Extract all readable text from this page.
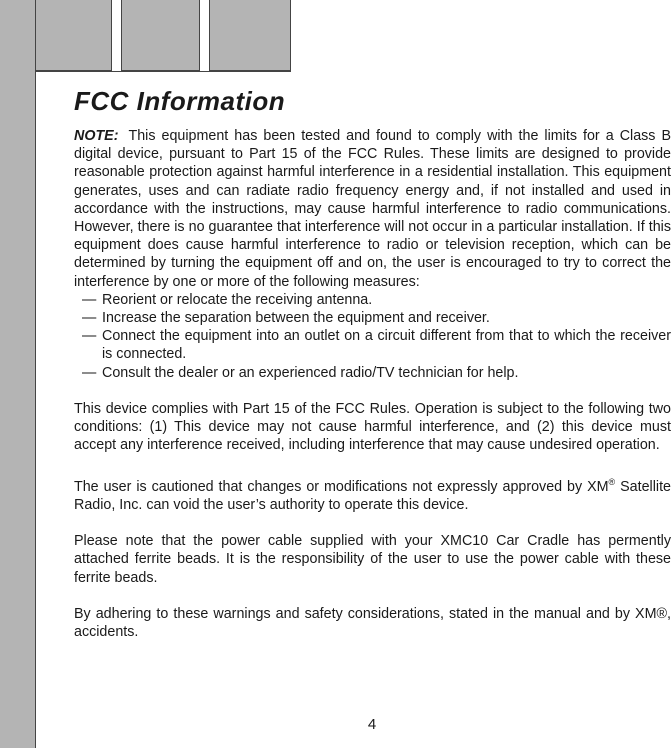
FCC Information

NOTE: This equipment has been tested and found to comply with the limits for a Class B digital device, pursuant to Part 15 of the FCC Rules. These limits are designed to provide reasonable protection against harmful interference in a residential installation. This equipment generates, uses and can radiate radio frequency energy and, if not installed and used in accordance with the instructions, may cause harmful interference to radio communications. However, there is no guarantee that interference will not occur in a particular installation. If this equipment does cause harmful interference to radio or television reception, which can be determined by turning the equipment off and on, the user is encouraged to try to correct the interference by one or more of the following measures:

— Reorient or relocate the receiving antenna.
— Increase the separation between the equipment and receiver.
— Connect the equipment into an outlet on a circuit different from that to which the receiver is connected.
— Consult the dealer or an experienced radio/TV technician for help.

This device complies with Part 15 of the FCC Rules. Operation is subject to the following two conditions: (1) This device may not cause harmful interference, and (2) this device must accept any interference received, including interference that may cause undesired operation.

The user is cautioned that changes or modifications not expressly approved by XM® Satellite Radio, Inc. can void the user’s authority to operate this device.

Please note that the power cable supplied with your XMC10 Car Cradle has permently attached ferrite beads. It is the responsibility of the user to use the power cable with these ferrite beads.

By adhering to these warnings and safety considerations, stated in the manual and by XM®, accidents.

4
